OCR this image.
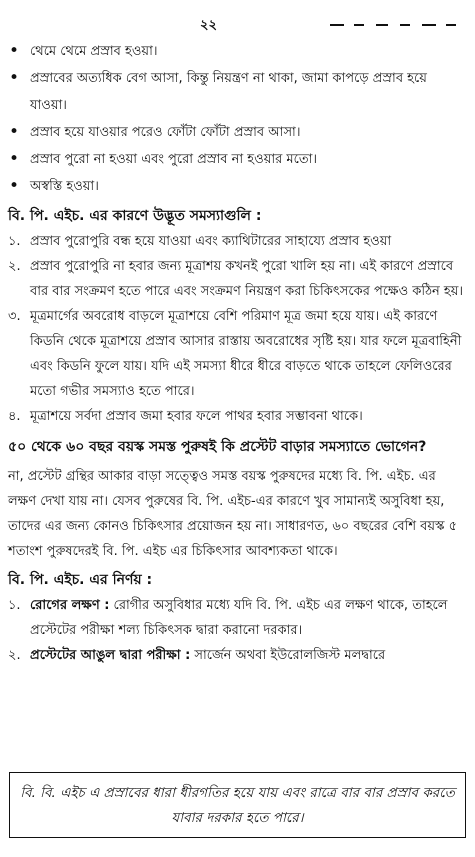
২২
• থেমে থেমে প্রস্রাব হওয়া।
• প্রস্রাবের অত্যধিক বেগ আসা, কিন্তু নিয়ন্ত্রণ না থাকা, জামা কাপড়ে প্রস্রাব হয়ে যাওয়া।
• প্রস্রাব হয়ে যাওয়ার পরেও ফোঁটা ফোঁটা প্রস্রাব আসা।
• প্রস্রাব পুরো না হওয়া এবং পুরো প্রস্রাব না হওয়ার মতো।
• অস্বস্তি হওয়া।
বি. পি. এইচ. এর কারণে উদ্ভূত সমস্যাগুলি :
১. প্রস্রাব পুরোপুরি বন্ধ হয়ে যাওয়া এবং ক্যাথিটারের সাহায্যে প্রস্রাব হওয়া
২. প্রস্রাব পুরোপুরি না হবার জন্য মূত্রাশয় কখনই পুরো খালি হয় না। এই কারণে প্রস্রাবে বার বার সংক্রমণ হতে পারে এবং সংক্রমণ নিয়ন্ত্রণ করা চিকিৎসকের পক্ষেও কঠিন হয়।
৩. মূত্রমার্গের অবরোধ বাড়লে মূত্রাশয়ে বেশি পরিমাণ মূত্র জমা হয়ে যায়। এই কারণে কিডনি থেকে মূত্রাশয়ে প্রস্রাব আসার রাস্তায় অবরোধের সৃষ্টি হয়। যার ফলে মূত্রবাহিনী এবং কিডনি ফুলে যায়। যদি এই সমস্যা ধীরে ধীরে বাড়তে থাকে তাহলে ফেলিওরের মতো গভীর সমস্যাও হতে পারে।
৪. মূত্রাশয়ে সর্বদা প্রস্রাব জমা হবার ফলে পাথর হবার সম্ভাবনা থাকে।
৫০ থেকে ৬০ বছর বয়স্ক সমস্ত পুরুষই কি প্রস্টেট বাড়ার সমস্যাতে ভোগেন?
না, প্রস্টেট গ্রন্থির আকার বাড়া সত্ত্বেও সমস্ত বয়স্ক পুরুষদের মধ্যে বি. পি. এইচ. এর লক্ষণ দেখা যায় না। যেসব পুরুষের বি. পি. এইচ-এর কারণে খুব সামান্যই অসুবিধা হয়, তাদের এর জন্য কোনও চিকিৎসার প্রয়োজন হয় না। সাধারণত, ৬০ বছরের বেশি বয়স্ক ৫ শতাংশ পুরুষদেরই বি. পি. এইচ এর চিকিৎসার আবশ্যকতা থাকে।
বি. পি. এইচ. এর নির্ণয় :
১. রোগের লক্ষণ : রোগীর অসুবিধার মধ্যে যদি বি. পি. এইচ এর লক্ষণ থাকে, তাহলে প্রস্টেটের পরীক্ষা শল্য চিকিৎসক দ্বারা করানো দরকার।
২. প্রস্টেটের আঙুল দ্বারা পরীক্ষা : সার্জেন অথবা ইউরোলজিস্ট মলদ্বারে
বি. বি. এইচ এ প্রস্রাবের ধারা ধীরগতির হয়ে যায় এবং রাত্রে বার বার প্রস্রাব করতে যাবার দরকার হতে পারে।
